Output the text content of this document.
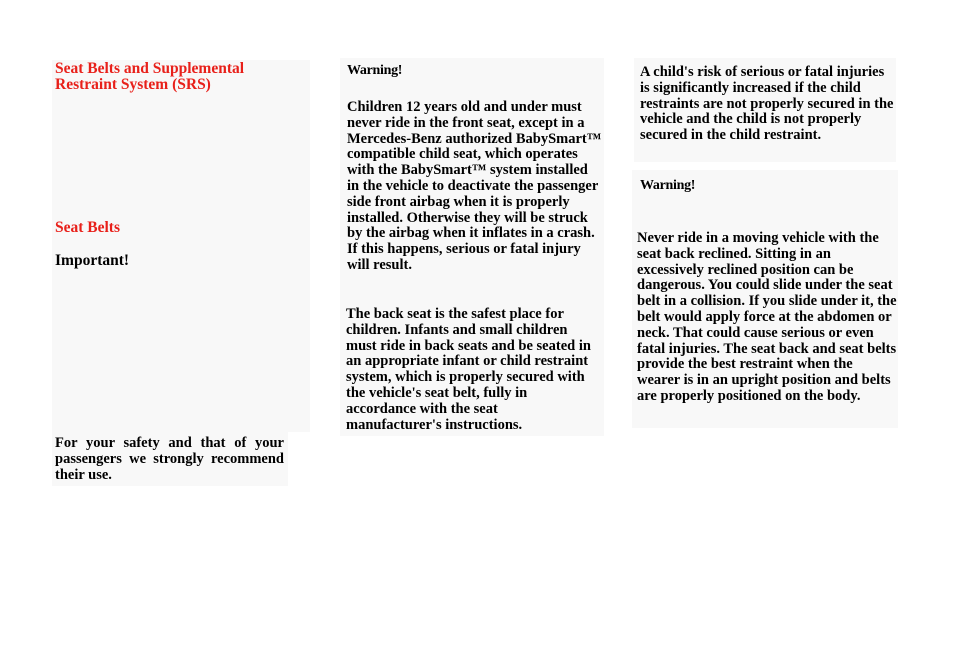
Seat Belts and Supplemental Restraint System (SRS)
Seat Belts
Important!
For your safety and that of your passengers we strongly recommend their use.
Warning!
Children 12 years old and under must never ride in the front seat, except in a Mercedes-Benz authorized BabySmart™ compatible child seat, which operates with the BabySmart™ system installed in the vehicle to deactivate the passenger side front airbag when it is properly installed. Otherwise they will be struck by the airbag when it inflates in a crash. If this happens, serious or fatal injury will result.
The back seat is the safest place for children. Infants and small children must ride in back seats and be seated in an appropriate infant or child restraint system, which is properly secured with the vehicle's seat belt, fully in accordance with the seat manufacturer's instructions.
A child's risk of serious or fatal injuries is significantly increased if the child restraints are not properly secured in the vehicle and the child is not properly secured in the child restraint.
Warning!
Never ride in a moving vehicle with the seat back reclined. Sitting in an excessively reclined position can be dangerous. You could slide under the seat belt in a collision. If you slide under it, the belt would apply force at the abdomen or neck. That could cause serious or even fatal injuries. The seat back and seat belts provide the best restraint when the wearer is in an upright position and belts are properly positioned on the body.
